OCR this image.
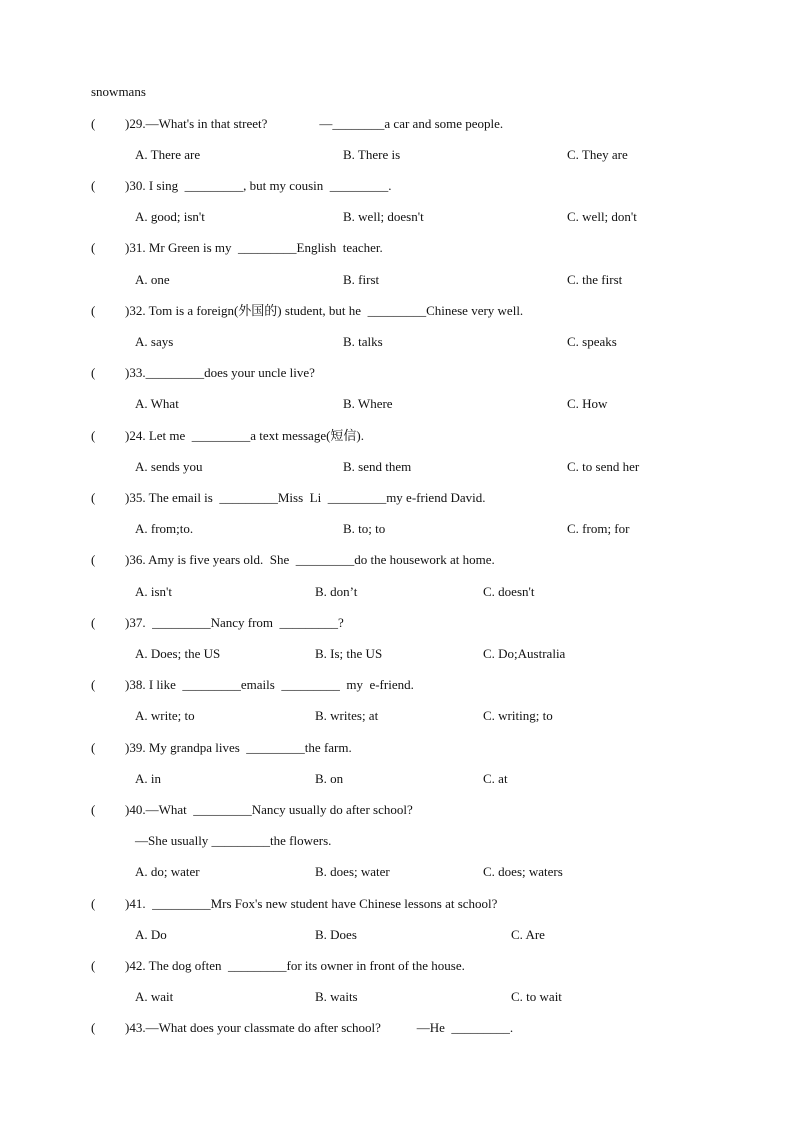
snowmans
(	)29.—What's in that street?                —________a car and some people.
A. There are	B. There is	C. They are
(	)30. I sing  _________, but my cousin  _________.
A. good; isn't	B. well; doesn't	C. well; don't
(	)31. Mr Green is my  _________English  teacher.
A. one	B. first	C. the first
(	)32. Tom is a foreign(外国的) student, but he  _________Chinese very well.
A. says	B. talks	C. speaks
(	)33._________does your uncle live?
A. What	B. Where	C. How
(	)24. Let me  _________a text message(短信).
A. sends you	B. send them	C. to send her
(	)35. The email is  _________Miss  Li  _________my e-friend David.
A. from;to.	B. to; to	C. from; for
(	)36. Amy is five years old.  She  _________do the housework at home.
A. isn't	B. don’t	C. doesn't
(	)37.  _________Nancy from  _________?
A. Does; the US	B. Is; the US	C. Do;Australia
(	)38. I like  _________emails  _________  my  e-friend.
A. write; to	B. writes; at	C. writing; to
(	)39. My grandpa lives  _________the farm.
A. in	B. on	C. at
(	)40.—What  _________Nancy usually do after school?
—She usually _________the flowers.
A. do; water	B. does; water	C. does; waters
(	)41.  _________Mrs Fox's new student have Chinese lessons at school?
A. Do	B. Does	C. Are
(	)42. The dog often  _________for its owner in front of the house.
A. wait	B. waits	C. to wait
(	)43.—What does your classmate do after school?           —He  _________.
